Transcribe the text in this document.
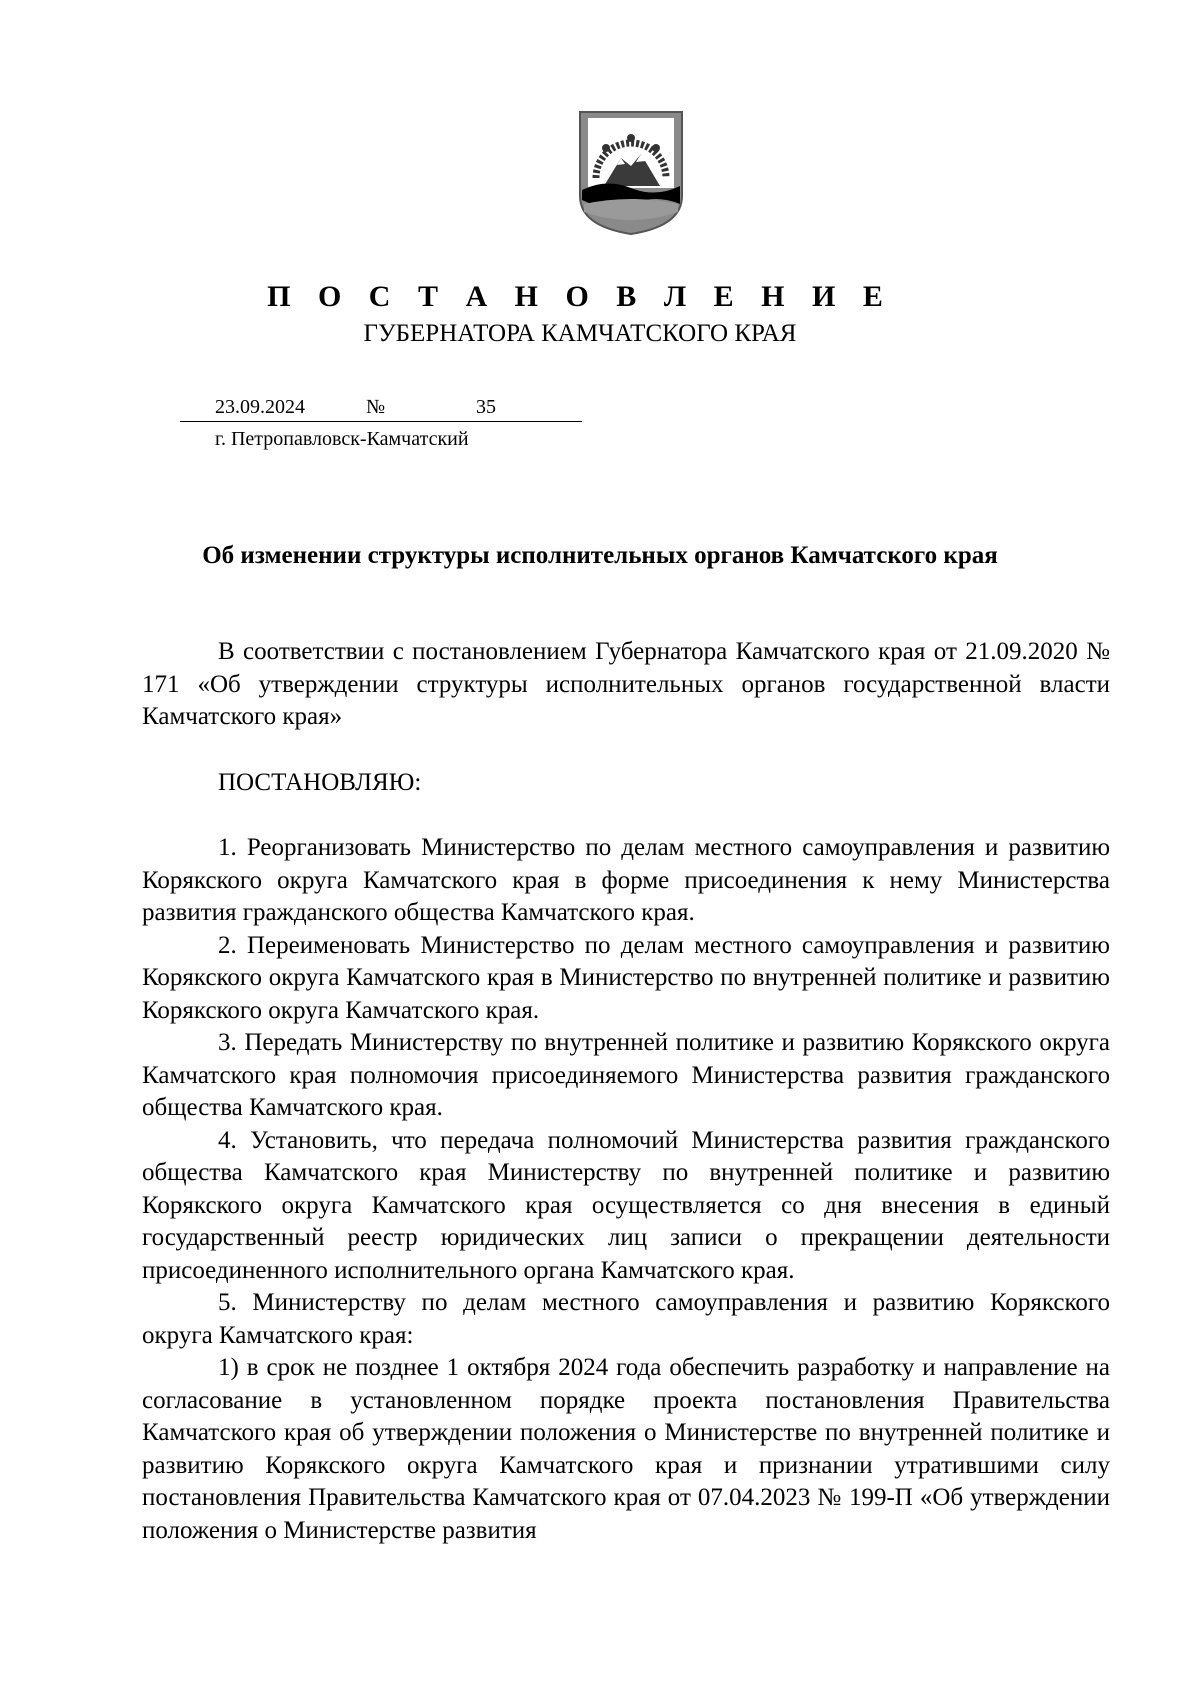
П О С Т А Н О В Л Е Н И Е
ГУБЕРНАТОРА КАМЧАТСКОГО КРАЯ
23.09.2024	№	35
г. Петропавловск-Камчатский
Об изменении структуры исполнительных органов Камчатского края

В соответствии с постановлением Губернатора Камчатского края от 21.09.2020 № 171 «Об утверждении структуры исполнительных органов государственной власти Камчатского края»

ПОСТАНОВЛЯЮ:

1. Реорганизовать Министерство по делам местного самоуправления и развитию Корякского округа Камчатского края в форме присоединения к нему Министерства развития гражданского общества Камчатского края.

2. Переименовать Министерство по делам местного самоуправления и развитию Корякского округа Камчатского края в Министерство по внутренней политике и развитию Корякского округа Камчатского края.

3. Передать Министерству по внутренней политике и развитию Корякского округа Камчатского края полномочия присоединяемого Министерства развития гражданского общества Камчатского края.

4. Установить, что передача полномочий Министерства развития гражданского общества Камчатского края Министерству по внутренней политике и развитию Корякского округа Камчатского края осуществляется со дня внесения в единый государственный реестр юридических лиц записи о прекращении деятельности присоединенного исполнительного органа Камчатского края.

5. Министерству по делам местного самоуправления и развитию Корякского округа Камчатского края:

1) в срок не позднее 1 октября 2024 года обеспечить разработку и направление на согласование в установленном порядке проекта постановления Правительства Камчатского края об утверждении положения о Министерстве по внутренней политике и развитию Корякского округа Камчатского края и признании утратившими силу постановления Правительства Камчатского края от 07.04.2023 № 199-П «Об утверждении положения о Министерстве развития
